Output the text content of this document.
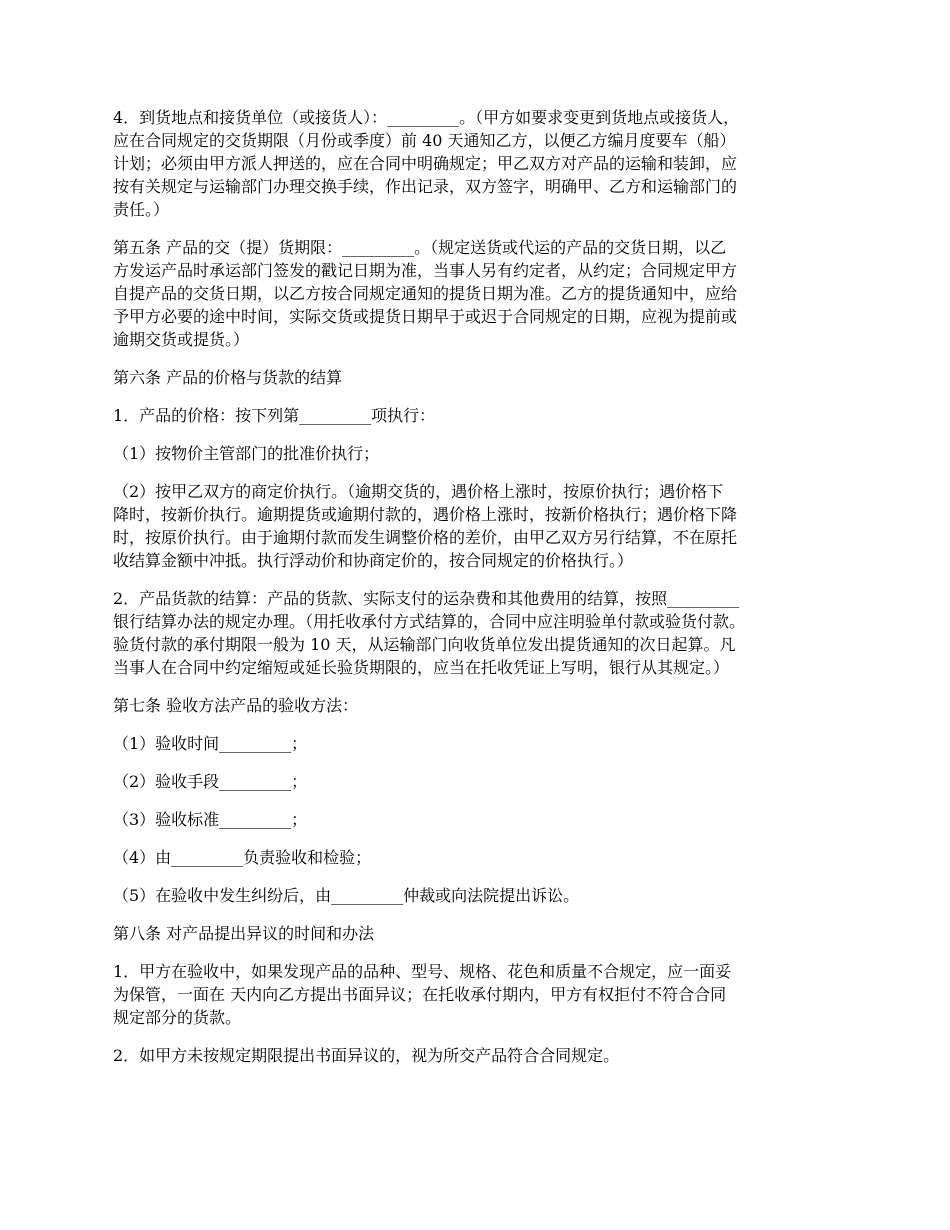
4．到货地点和接货单位（或接货人）：_________。（甲方如要求变更到货地点或接货人，
应在合同规定的交货期限（月份或季度）前 40 天通知乙方，以便乙方编月度要车（船）
计划；必须由甲方派人押送的，应在合同中明确规定；甲乙双方对产品的运输和装卸，应
按有关规定与运输部门办理交换手续，作出记录，双方签字，明确甲、乙方和运输部门的
责任。）

第五条 产品的交（提）货期限：_________。（规定送货或代运的产品的交货日期，以乙
方发运产品时承运部门签发的戳记日期为准，当事人另有约定者，从约定；合同规定甲方
自提产品的交货日期，以乙方按合同规定通知的提货日期为准。乙方的提货通知中，应给
予甲方必要的途中时间，实际交货或提货日期早于或迟于合同规定的日期，应视为提前或
逾期交货或提货。）

第六条 产品的价格与货款的结算

1．产品的价格：按下列第_________项执行：

（1）按物价主管部门的批准价执行；

（2）按甲乙双方的商定价执行。（逾期交货的，遇价格上涨时，按原价执行；遇价格下
降时，按新价执行。逾期提货或逾期付款的，遇价格上涨时，按新价格执行；遇价格下降
时，按原价执行。由于逾期付款而发生调整价格的差价，由甲乙双方另行结算，不在原托
收结算金额中冲抵。执行浮动价和协商定价的，按合同规定的价格执行。）

2．产品货款的结算：产品的货款、实际支付的运杂费和其他费用的结算，按照_________
银行结算办法的规定办理。（用托收承付方式结算的，合同中应注明验单付款或验货付款。
验货付款的承付期限一般为 10 天，从运输部门向收货单位发出提货通知的次日起算。凡
当事人在合同中约定缩短或延长验货期限的，应当在托收凭证上写明，银行从其规定。）

第七条 验收方法产品的验收方法：

（1）验收时间_________；

（2）验收手段_________；

（3）验收标准_________；

（4）由_________负责验收和检验；

（5）在验收中发生纠纷后，由_________仲裁或向法院提出诉讼。

第八条 对产品提出异议的时间和办法

1．甲方在验收中，如果发现产品的品种、型号、规格、花色和质量不合规定，应一面妥
为保管，一面在 天内向乙方提出书面异议；在托收承付期内，甲方有权拒付不符合合同
规定部分的货款。

2．如甲方未按规定期限提出书面异议的，视为所交产品符合合同规定。
